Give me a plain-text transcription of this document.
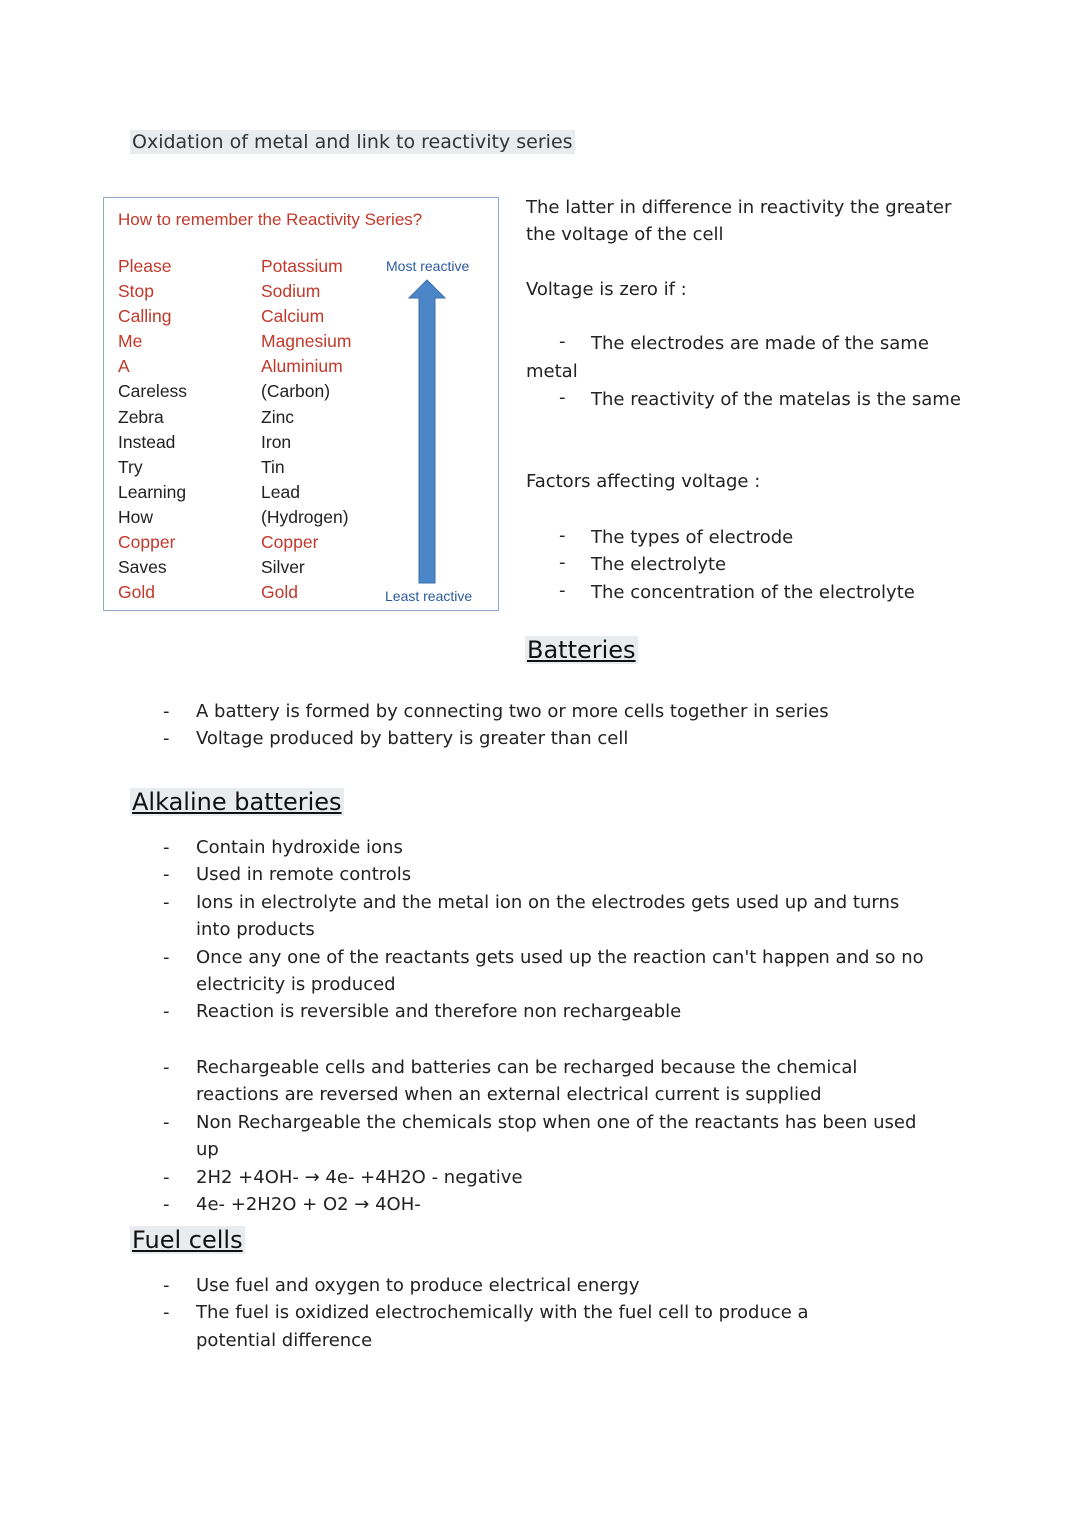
Oxidation of metal and link to reactivity series
How to remember the Reactivity Series?
Please
Stop
Calling
Me
A
Careless
Zebra
Instead
Try
Learning
How
Copper
Saves
Gold
Potassium
Sodium
Calcium
Magnesium
Aluminium
(Carbon)
Zinc
Iron
Tin
Lead
(Hydrogen)
Copper
Silver
Gold
Most reactive
Least reactive
The latter in difference in reactivity the greater
the voltage of the cell
Voltage is zero if :
- The electrodes are made of the same
metal
- The reactivity of the matelas is the same
Factors affecting voltage :
- The types of electrode
- The electrolyte
- The concentration of the electrolyte
Batteries
- A battery is formed by connecting two or more cells together in series
- Voltage produced by battery is greater than cell
Alkaline batteries
- Contain hydroxide ions
- Used in remote controls
- Ions in electrolyte and the metal ion on the electrodes gets used up and turns into products
- Once any one of the reactants gets used up the reaction can't happen and so no electricity is produced
- Reaction is reversible and therefore non rechargeable
- Rechargeable cells and batteries can be recharged because the chemical reactions are reversed when an external electrical current is supplied
- Non Rechargeable the chemicals stop when one of the reactants has been used up
- 2H2 +4OH- → 4e- +4H2O - negative
- 4e- +2H2O + O2 → 4OH-
Fuel cells
- Use fuel and oxygen to produce electrical energy
- The fuel is oxidized electrochemically with the fuel cell to produce a potential difference
